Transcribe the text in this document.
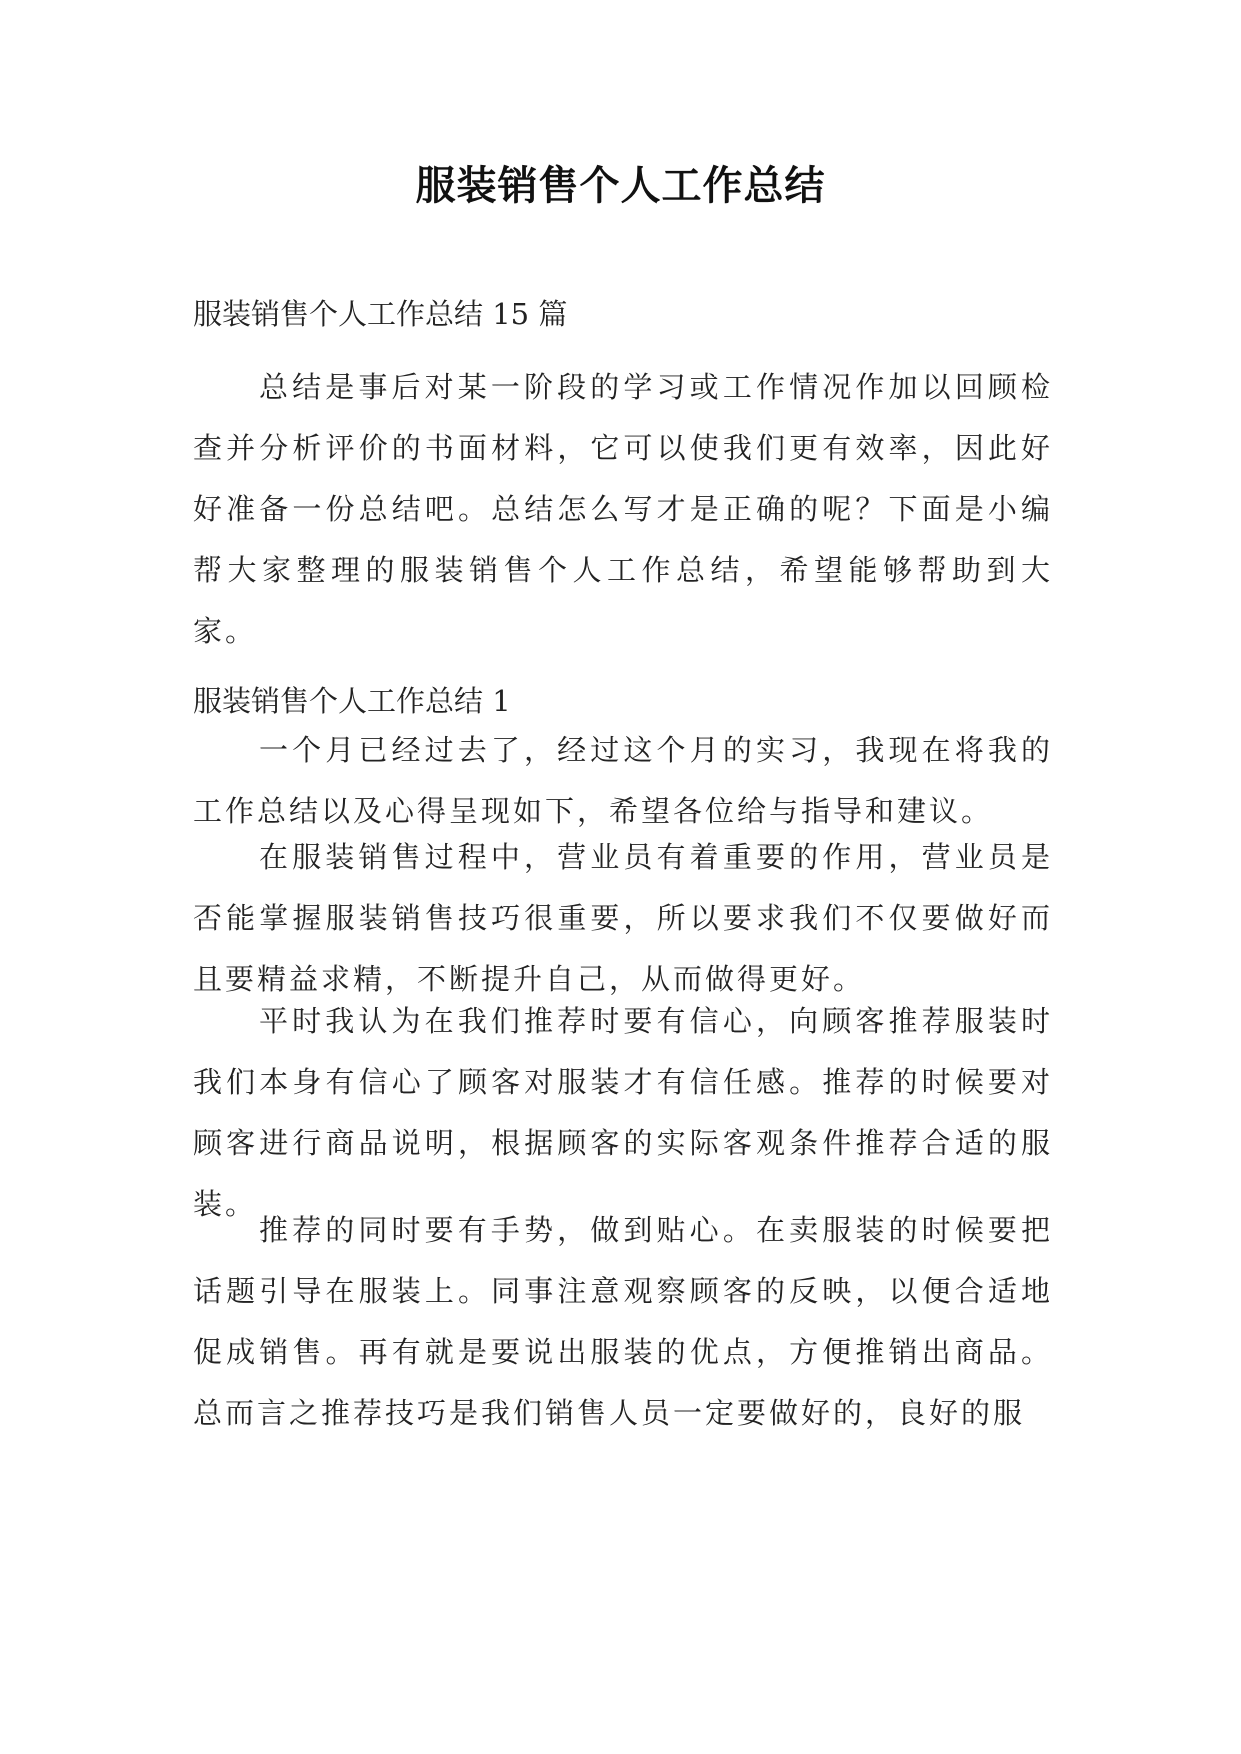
服装销售个人工作总结

服装销售个人工作总结 15 篇

总结是事后对某一阶段的学习或工作情况作加以回顾检查并分析评价的书面材料，它可以使我们更有效率，因此好好准备一份总结吧。总结怎么写才是正确的呢？下面是小编帮大家整理的服装销售个人工作总结，希望能够帮助到大家。

服装销售个人工作总结 1

一个月已经过去了，经过这个月的实习，我现在将我的工作总结以及心得呈现如下，希望各位给与指导和建议。

在服装销售过程中，营业员有着重要的作用，营业员是否能掌握服装销售技巧很重要，所以要求我们不仅要做好而且要精益求精，不断提升自己，从而做得更好。

平时我认为在我们推荐时要有信心，向顾客推荐服装时我们本身有信心了顾客对服装才有信任感。推荐的时候要对顾客进行商品说明，根据顾客的实际客观条件推荐合适的服装。

推荐的同时要有手势，做到贴心。在卖服装的时候要把话题引导在服装上。同事注意观察顾客的反映，以便合适地促成销售。再有就是要说出服装的优点，方便推销出商品。总而言之推荐技巧是我们销售人员一定要做好的，良好的服
